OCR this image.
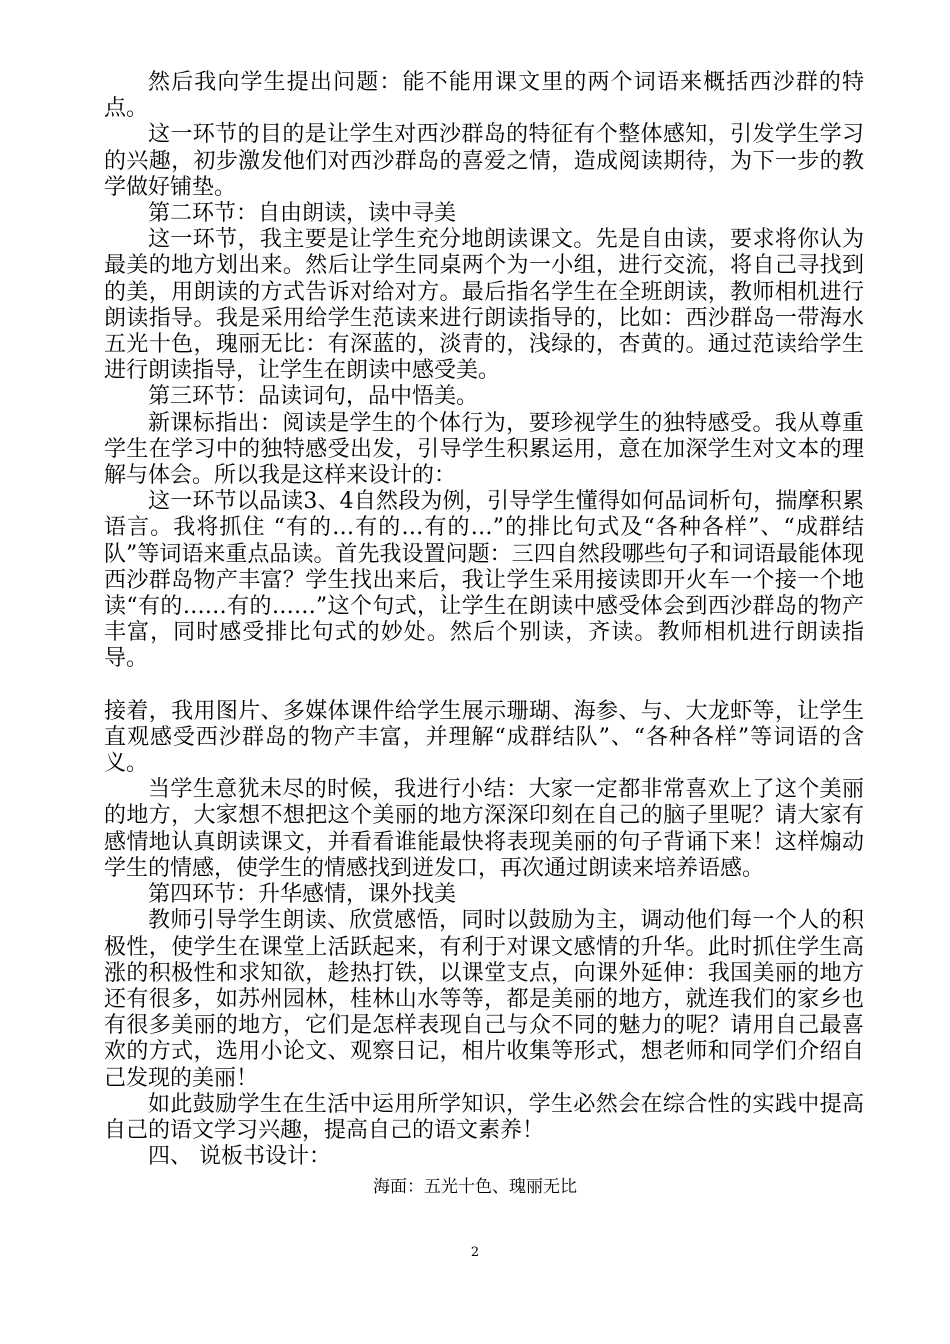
然后我向学生提出问题：能不能用课文里的两个词语来概括西沙群的特点。

这一环节的目的是让学生对西沙群岛的特征有个整体感知，引发学生学习的兴趣，初步激发他们对西沙群岛的喜爱之情，造成阅读期待，为下一步的教学做好铺垫。

第二环节：自由朗读，读中寻美

这一环节，我主要是让学生充分地朗读课文。先是自由读，要求将你认为最美的地方划出来。然后让学生同桌两个为一小组，进行交流，将自己寻找到的美，用朗读的方式告诉对给对方。最后指名学生在全班朗读，教师相机进行朗读指导。我是采用给学生范读来进行朗读指导的，比如：西沙群岛一带海水五光十色，瑰丽无比：有深蓝的，淡青的，浅绿的，杏黄的。通过范读给学生进行朗读指导，让学生在朗读中感受美。

第三环节：品读词句，品中悟美。

新课标指出：阅读是学生的个体行为，要珍视学生的独特感受。我从尊重学生在学习中的独特感受出发，引导学生积累运用，意在加深学生对文本的理解与体会。所以我是这样来设计的：

这一环节以品读3、4自然段为例，引导学生懂得如何品词析句，揣摩积累语言。我将抓住 “有的…有的…有的…”的排比句式及“各种各样”、“成群结队”等词语来重点品读。首先我设置问题：三四自然段哪些句子和词语最能体现西沙群岛物产丰富？学生找出来后，我让学生采用接读即开火车一个接一个地读“有的……有的……”这个句式，让学生在朗读中感受体会到西沙群岛的物产丰富，同时感受排比句式的妙处。然后个别读，齐读。教师相机进行朗读指导。

接着，我用图片、多媒体课件给学生展示珊瑚、海参、与、大龙虾等，让学生直观感受西沙群岛的物产丰富，并理解“成群结队”、“各种各样”等词语的含义。

当学生意犹未尽的时候，我进行小结：大家一定都非常喜欢上了这个美丽的地方，大家想不想把这个美丽的地方深深印刻在自己的脑子里呢？请大家有感情地认真朗读课文，并看看谁能最快将表现美丽的句子背诵下来！这样煽动学生的情感，使学生的情感找到迸发口，再次通过朗读来培养语感。

第四环节：升华感情，课外找美

教师引导学生朗读、欣赏感悟，同时以鼓励为主，调动他们每一个人的积极性，使学生在课堂上活跃起来，有利于对课文感情的升华。此时抓住学生高涨的积极性和求知欲，趁热打铁，以课堂支点，向课外延伸：我国美丽的地方还有很多，如苏州园林，桂林山水等等，都是美丽的地方，就连我们的家乡也有很多美丽的地方，它们是怎样表现自己与众不同的魅力的呢？请用自己最喜欢的方式，选用小论文、观察日记，相片收集等形式，想老师和同学们介绍自己发现的美丽！

如此鼓励学生在生活中运用所学知识，学生必然会在综合性的实践中提高自己的语文学习兴趣，提高自己的语文素养！

四、 说板书设计：

海面：五光十色、瑰丽无比
2
